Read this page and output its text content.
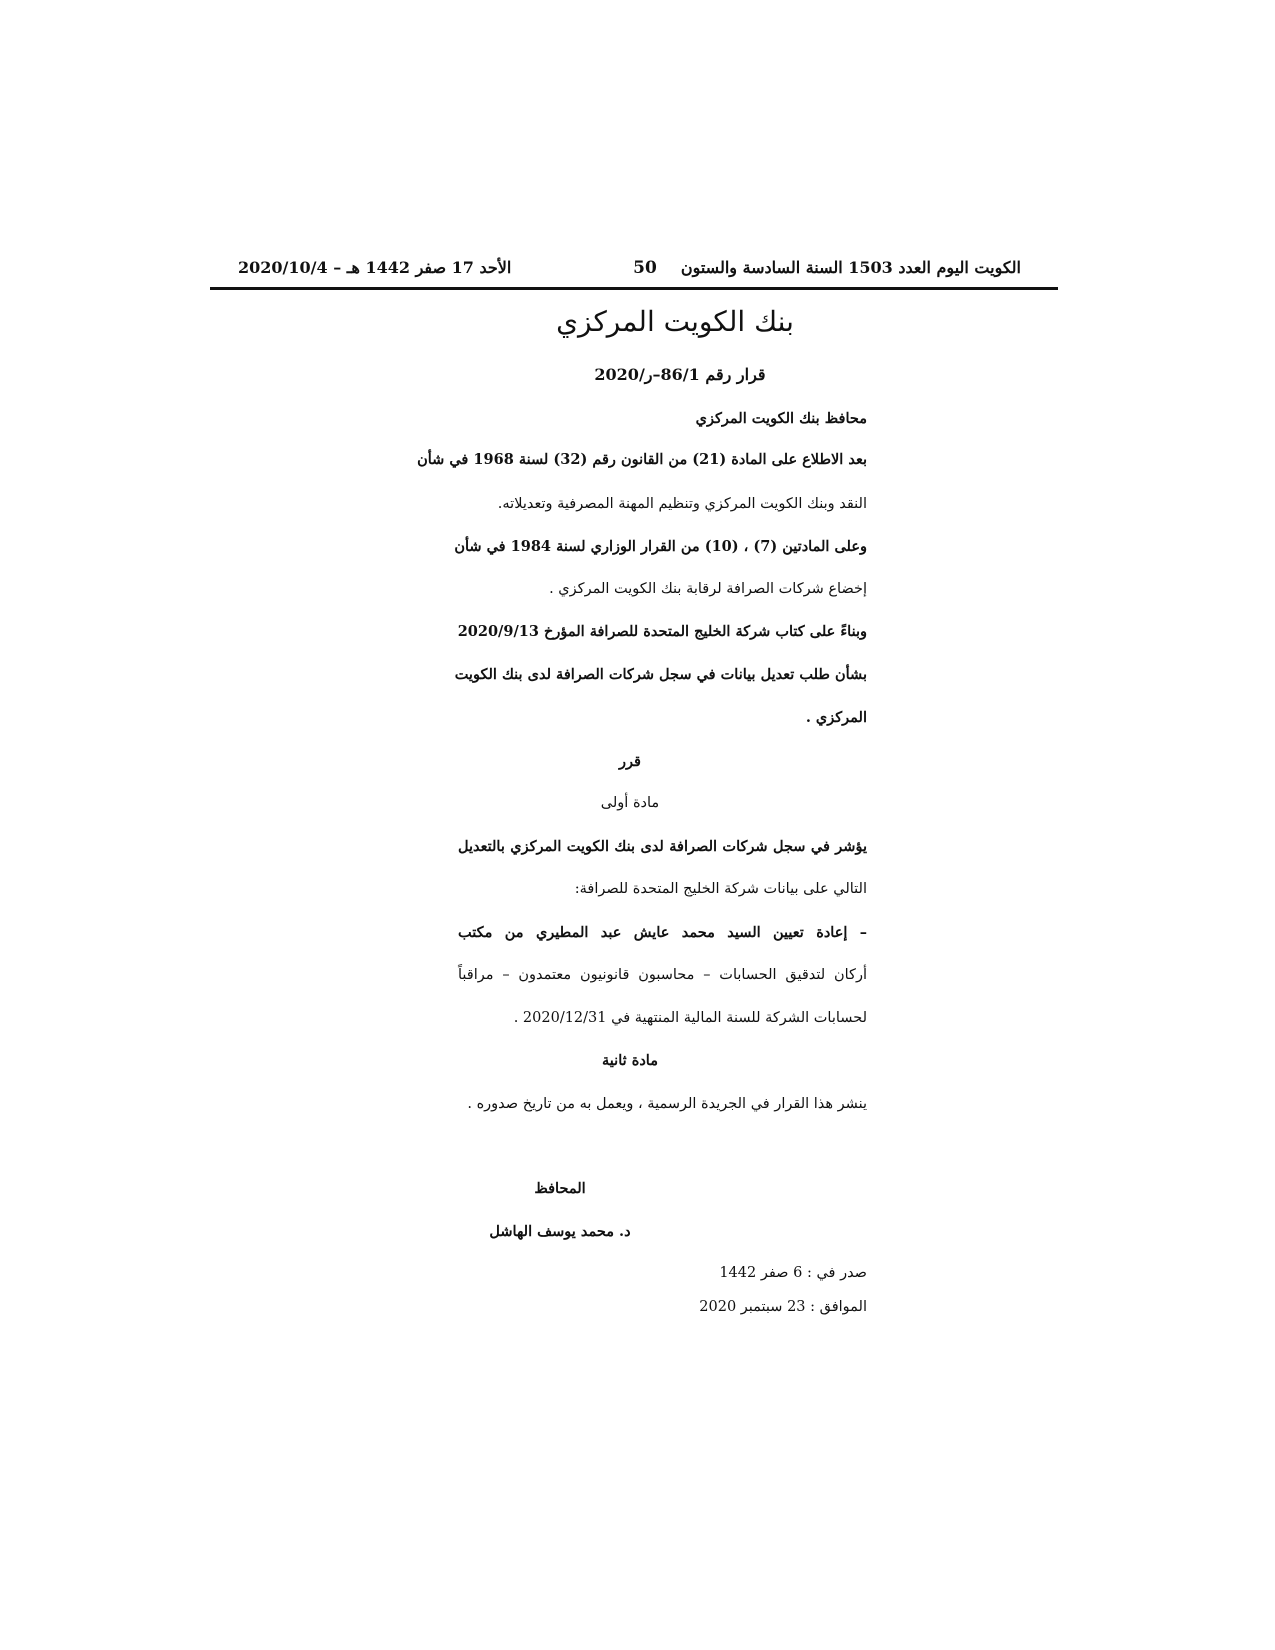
الكويت اليوم العدد 1503 السنة السادسة والستون
50
الأحد 17 صفر 1442 هـ – 2020/10/4
بنك الكويت المركزي
قرار رقم 86/1–ر/2020
محافظ بنك الكويت المركزي
بعد الاطلاع على المادة (21) من القانون رقم (32) لسنة 1968 في شأن
النقد وبنك الكويت المركزي وتنظيم المهنة المصرفية وتعديلاته.
وعلى المادتين (7) ، (10) من القرار الوزاري لسنة 1984 في شأن
إخضاع شركات الصرافة لرقابة بنك الكويت المركزي .
وبناءً على كتاب شركة الخليج المتحدة للصرافة المؤرخ 2020/9/13
بشأن طلب تعديل بيانات في سجل شركات الصرافة لدى بنك الكويت
المركزي .
قرر
مادة أولى
يؤشر في سجل شركات الصرافة لدى بنك الكويت المركزي بالتعديل
التالي على بيانات شركة الخليج المتحدة للصرافة:
– إعادة تعيين السيد محمد عايش عبد المطيري من مكتب
أركان لتدقيق الحسابات – محاسبون قانونيون معتمدون – مراقباً
لحسابات الشركة للسنة المالية المنتهية في 2020/12/31 .
مادة ثانية
ينشر هذا القرار في الجريدة الرسمية ، ويعمل به من تاريخ صدوره .
المحافظ
د. محمد يوسف الهاشل
صدر في : 6 صفر 1442
الموافق : 23 سبتمبر 2020
